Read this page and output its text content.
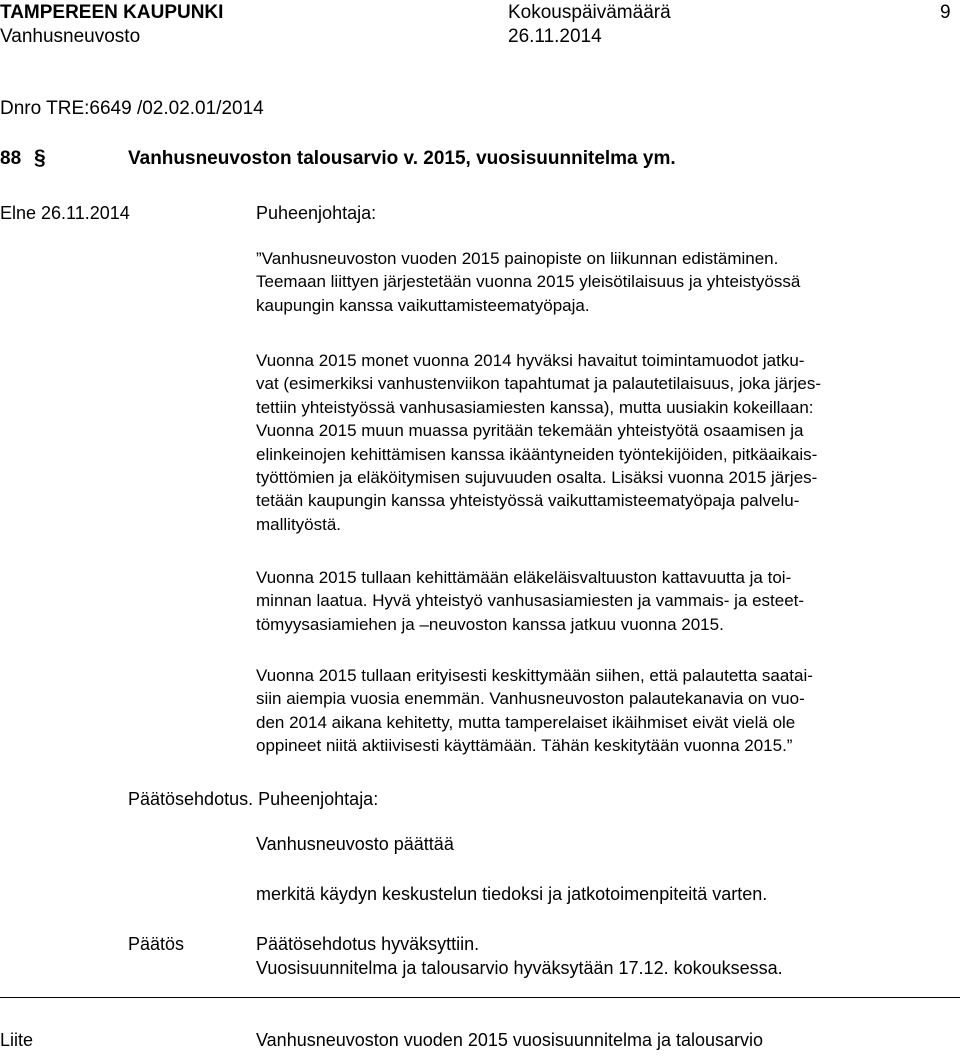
TAMPEREEN KAUPUNKI	Kokouspäivämäärä	9
Vanhusneuvosto	26.11.2014
Dnro TRE:6649 /02.02.01/2014
88 §	Vanhusneuvoston talousarvio v. 2015, vuosisuunnitelma ym.
Elne 26.11.2014	Puheenjohtaja:

”Vanhusneuvoston vuoden 2015 painopiste on liikunnan edistäminen.
Teemaan liittyen järjestetään vuonna 2015 yleisötilaisuus ja yhteistyössä
kaupungin kanssa vaikuttamisteematyöpaja.

Vuonna 2015 monet vuonna 2014 hyväksi havaitut toimintamuodot jatku-
vat (esimerkiksi vanhustenviikon tapahtumat ja palautetilaisuus, joka järjes-
tettiin yhteistyössä vanhusasiamiesten kanssa), mutta uusiakin kokeillaan:
Vuonna 2015 muun muassa pyritään tekemään yhteistyötä osaamisen ja
elinkeinojen kehittämisen kanssa ikääntyneiden työntekijöiden, pitkäaikais-
työttömien ja eläköitymisen sujuvuuden osalta. Lisäksi vuonna 2015 järjes-
tetään kaupungin kanssa yhteistyössä vaikuttamisteematyöpaja palvelu-
mallityöstä.

Vuonna 2015 tullaan kehittämään eläkeläisvaltuuston kattavuutta ja toi-
minnan laatua. Hyvä yhteistyö vanhusasiamiesten ja vammais- ja esteet-
tömyysasiamiehen ja –neuvoston kanssa jatkuu vuonna 2015.

Vuonna 2015 tullaan erityisesti keskittymään siihen, että palautetta saatai-
siin aiempia vuosia enemmän. Vanhusneuvoston palautekanavia on vuo-
den 2014 aikana kehitetty, mutta tamperelaiset ikäihmiset eivät vielä ole
oppineet niitä aktiivisesti käyttämään. Tähän keskitytään vuonna 2015.”

Päätösehdotus. Puheenjohtaja:
Vanhusneuvosto päättää
merkitä käydyn keskustelun tiedoksi ja jatkotoimenpiteitä varten.
Päätös	Päätösehdotus hyväksyttiin.
Vuosisuunnitelma ja talousarvio hyväksytään 17.12. kokouksessa.
Liite	Vanhusneuvoston vuoden 2015 vuosisuunnitelma ja talousarvio
